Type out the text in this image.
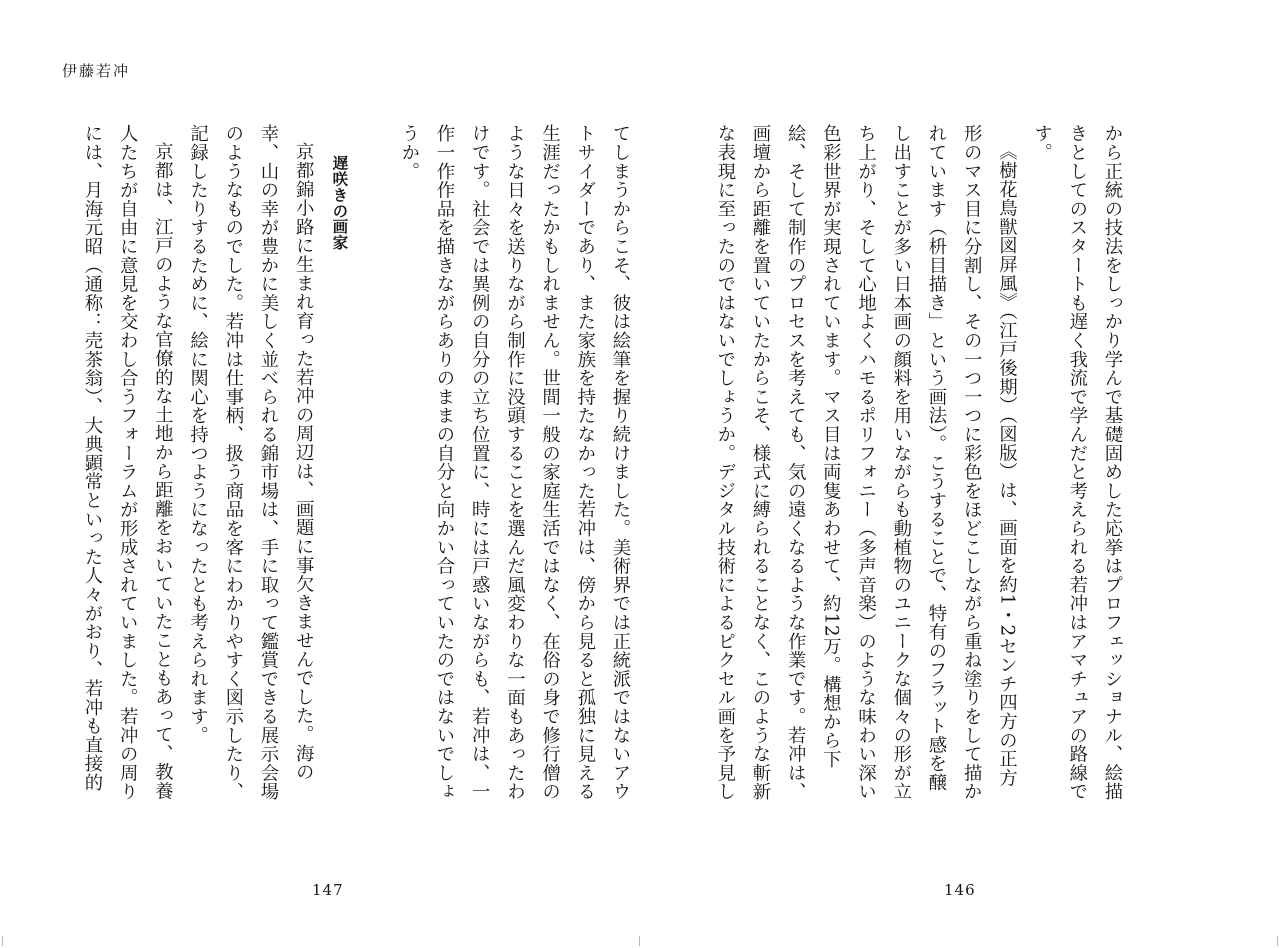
伊藤若冲

から正統の技法をしっかり学んで基礎固めした応挙はプロフェッショナル、絵描きとしてのスタートも遅く我流で学んだと考えられる若冲はアマチュアの路線です。

《樹花鳥獣図屏風》（江戸後期）（図版）は、画面を約1・2センチ四方の正方形のマス目に分割し、その一つ一つに彩色をほどこしながら重ね塗りをして描かれています（枡目描き」という画法）。こうすることで、特有のフラット感を醸し出すことが多い日本画の顔料を用いながらも動植物のユニークな個々の形が立ち上がり、そして心地よくハモるポリフォニー（多声音楽）のような味わい深い色彩世界が実現されています。マス目は両隻あわせて、約12万。構想から下絵、そして制作のプロセスを考えても、気の遠くなるような作業です。若冲は、画壇から距離を置いていたからこそ、様式に縛られることなく、このような斬新な表現に至ったのではないでしょうか。デジタル技術によるピクセル画を予見し

てしまうからこそ、彼は絵筆を握り続けました。美術界では正統派ではないアウトサイダーであり、また家族を持たなかった若冲は、傍から見ると孤独に見える生涯だったかもしれません。世間一般の家庭生活ではなく、在俗の身で修行僧のような日々を送りながら制作に没頭することを選んだ風変わりな一面もあったわけです。社会では異例の自分の立ち位置に、時には戸惑いながらも、若冲は、一作一作作品を描きながらありのままの自分と向かい合っていたのではないでしょうか。

遅咲きの画家

京都錦小路に生まれ育った若冲の周辺は、画題に事欠きませんでした。海の幸、山の幸が豊かに美しく並べられる錦市場は、手に取って鑑賞できる展示会場のようなものでした。若冲は仕事柄、扱う商品を客にわかりやすく図示したり、記録したりするために、絵に関心を持つようになったとも考えられます。

京都は、江戸のような官僚的な土地から距離をおいていたこともあって、教養人たちが自由に意見を交わし合うフォーラムが形成されていました。若冲の周りには、月海元昭（通称：売茶翁）、大典顕常といった人々がおり、若冲も直接的

147	146
